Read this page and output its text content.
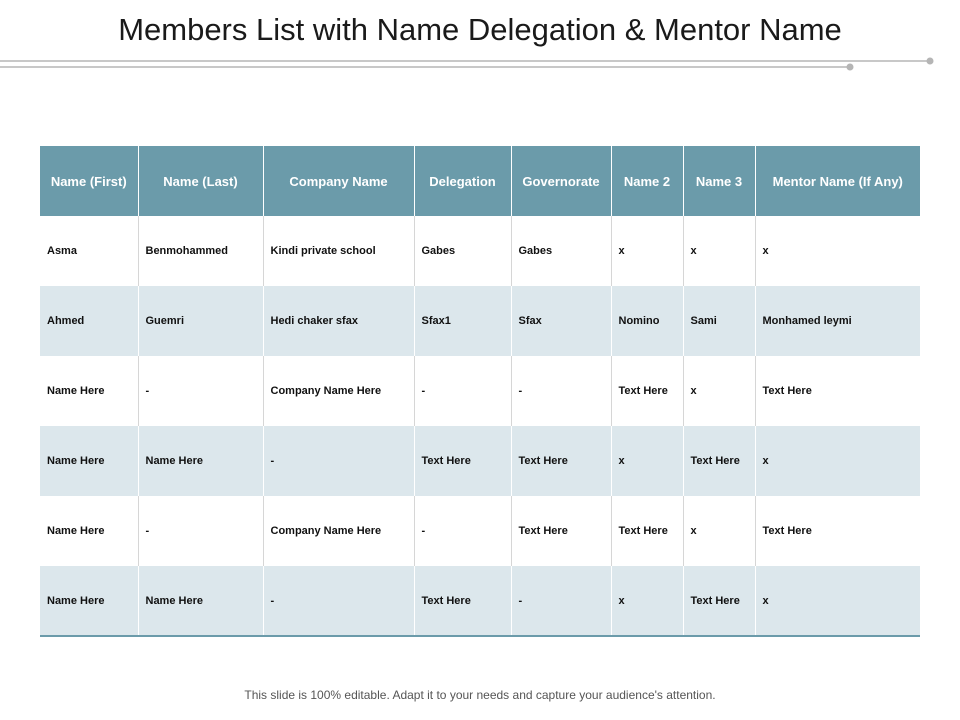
Members List with Name Delegation & Mentor Name
Name (First)	Name (Last)	Company Name	Delegation	Governorate	Name 2	Name 3	Mentor Name (If Any)
Asma	Benmohammed	Kindi private school	Gabes	Gabes	x	x	x
Ahmed	Guemri	Hedi chaker sfax	Sfax1	Sfax	Nomino	Sami	Monhamed leymi
Name Here	-	Company Name Here	-	-	Text Here	x	Text Here
Name Here	Name Here	-	Text Here	Text Here	x	Text Here	x
Name Here	-	Company Name Here	-	Text Here	Text Here	x	Text Here
Name Here	Name Here	-	Text Here	-	x	Text Here	x
This slide is 100% editable. Adapt it to your needs and capture your audience's attention.
